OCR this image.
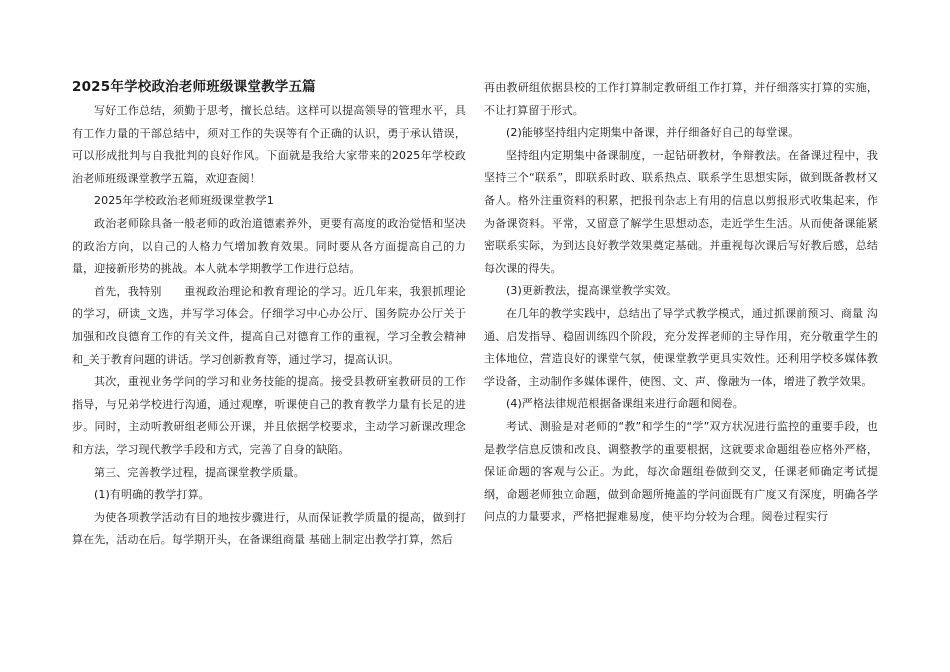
2025年学校政治老师班级课堂教学五篇

写好工作总结，须勤于思考，擅长总结。这样可以提高领导的管理水平，具有工作力量的干部总结中，须对工作的失误等有个正确的认识，勇于承认错误，可以形成批判与自我批判的良好作风。下面就是我给大家带来的2025年学校政治老师班级课堂教学五篇，欢迎查阅！

2025年学校政治老师班级课堂教学1

政治老师除具备一般老师的政治道德素养外，更要有高度的政治觉悟和坚决的政治方向，以自己的人格力气增加教育效果。同时要从各方面提高自己的力量，迎接新形势的挑战。本人就本学期教学工作进行总结。

首先，我特别　　重视政治理论和教育理论的学习。近几年来，我狠抓理论的学习，研读_文选，并写学习体会。仔细学习中心办公厅、国务院办公厅关于加强和改良德育工作的有关文件，提高自己对德育工作的重视，学习全教会精神和_关于教育问题的讲话。学习创新教育等，通过学习，提高认识。

其次，重视业务学问的学习和业务技能的提高。接受县教研室教研员的工作指导，与兄弟学校进行沟通，通过观摩，听课使自己的教育教学力量有长足的进步。同时，主动听教研组老师公开课，并且依据学校要求，主动学习新课改理念和方法，学习现代教学手段和方式，完善了自身的缺陷。

第三、完善教学过程，提高课堂教学质量。

(1)有明确的教学打算。

为使各项教学活动有目的地按步骤进行，从而保证教学质量的提高，做到打算在先，活动在后。每学期开头，在备课组商量 基础上制定出教学打算，然后

再由教研组依据县校的工作打算制定教研组工作打算，并仔细落实打算的实施，不让打算留于形式。

(2)能够坚持组内定期集中备课，并仔细备好自己的每堂课。

坚持组内定期集中备课制度，一起钻研教材，争辩教法。在备课过程中，我坚持三个“联系”，即联系时政、联系热点、联系学生思想实际，做到既备教材又备人。格外注重资料的积累，把报刊杂志上有用的信息以剪报形式收集起来，作为备课资料。平常，又留意了解学生思想动态，走近学生生活。从而使备课能紧密联系实际，为到达良好教学效果奠定基础。并重视每次课后写好教后感，总结每次课的得失。

(3)更新教法，提高课堂教学实效。

在几年的教学实践中，总结出了导学式教学模式，通过抓课前预习、商量 沟通、启发指导、稳固训练四个阶段，充分发挥老师的主导作用，充分敬重学生的主体地位，营造良好的课堂气氛，使课堂教学更具实效性。还利用学校多媒体教学设备，主动制作多媒体课件，使图、文、声、像融为一体，增进了教学效果。

(4)严格法律规范根据备课组来进行命题和阅卷。

考试、测验是对老师的“教”和学生的“学”双方状况进行监控的重要手段，也是教学信息反馈和改良、调整教学的重要根据，这就要求命题组卷应格外严格，保证命题的客观与公正。为此，每次命题组卷做到交叉，任课老师确定考试提纲，命题老师独立命题，做到命题所掩盖的学问面既有广度又有深度，明确各学问点的力量要求，严格把握难易度，使平均分较为合理。阅卷过程实行
